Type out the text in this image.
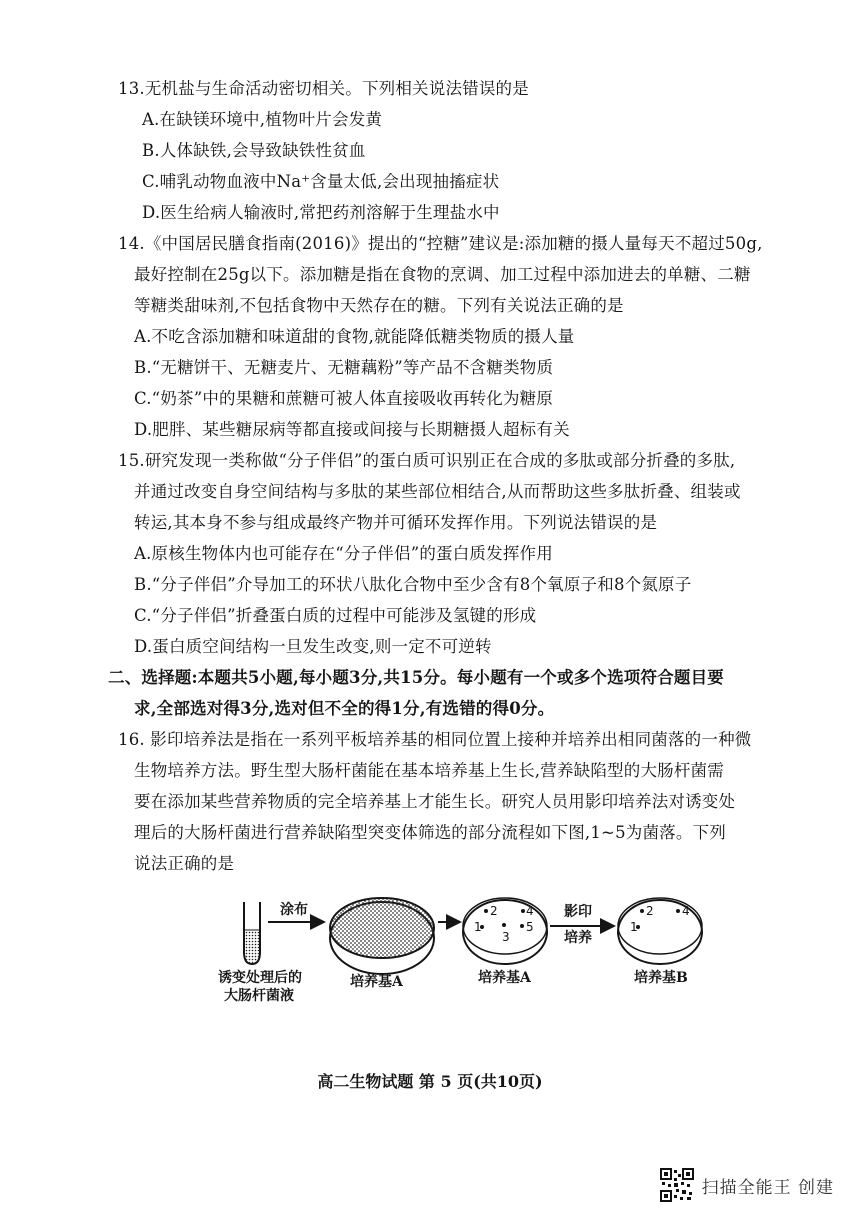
13.无机盐与生命活动密切相关。下列相关说法错误的是
A.在缺镁环境中,植物叶片会发黄
B.人体缺铁,会导致缺铁性贫血
C.哺乳动物血液中Na⁺含量太低,会出现抽搐症状
D.医生给病人输液时,常把药剂溶解于生理盐水中
14.《中国居民膳食指南(2016)》提出的“控糖”建议是:添加糖的摄人量每天不超过50g,
最好控制在25g以下。添加糖是指在食物的烹调、加工过程中添加进去的单糖、二糖
等糖类甜味剂,不包括食物中天然存在的糖。下列有关说法正确的是
A.不吃含添加糖和味道甜的食物,就能降低糖类物质的摄人量
B.“无糖饼干、无糖麦片、无糖藕粉”等产品不含糖类物质
C.“奶茶”中的果糖和蔗糖可被人体直接吸收再转化为糖原
D.肥胖、某些糖尿病等都直接或间接与长期糖摄人超标有关
15.研究发现一类称做“分子伴侣”的蛋白质可识别正在合成的多肽或部分折叠的多肽,
并通过改变自身空间结构与多肽的某些部位相结合,从而帮助这些多肽折叠、组装或
转运,其本身不参与组成最终产物并可循环发挥作用。下列说法错误的是
A.原核生物体内也可能存在“分子伴侣”的蛋白质发挥作用
B.“分子伴侣”介导加工的环状八肽化合物中至少含有8个氧原子和8个氮原子
C.“分子伴侣”折叠蛋白质的过程中可能涉及氢键的形成
D.蛋白质空间结构一旦发生改变,则一定不可逆转
二、选择题:本题共5小题,每小题3分,共15分。每小题有一个或多个选项符合题目要
求,全部选对得3分,选对但不全的得1分,有选错的得0分。
16. 影印培养法是指在一系列平板培养基的相同位置上接种并培养出相同菌落的一种微
生物培养方法。野生型大肠杆菌能在基本培养基上生长,营养缺陷型的大肠杆菌需
要在添加某些营养物质的完全培养基上才能生长。研究人员用影印培养法对诱变处
理后的大肠杆菌进行营养缺陷型突变体筛选的部分流程如下图,1~5为菌落。下列
说法正确的是
诱变处理后的
大肠杆菌液
涂布
培养基A
2 4
1
3
5
培养基A
影印
培养
2 4
1
培养基B
高二生物试题 第 5 页(共10页)
扫描全能王 创建
